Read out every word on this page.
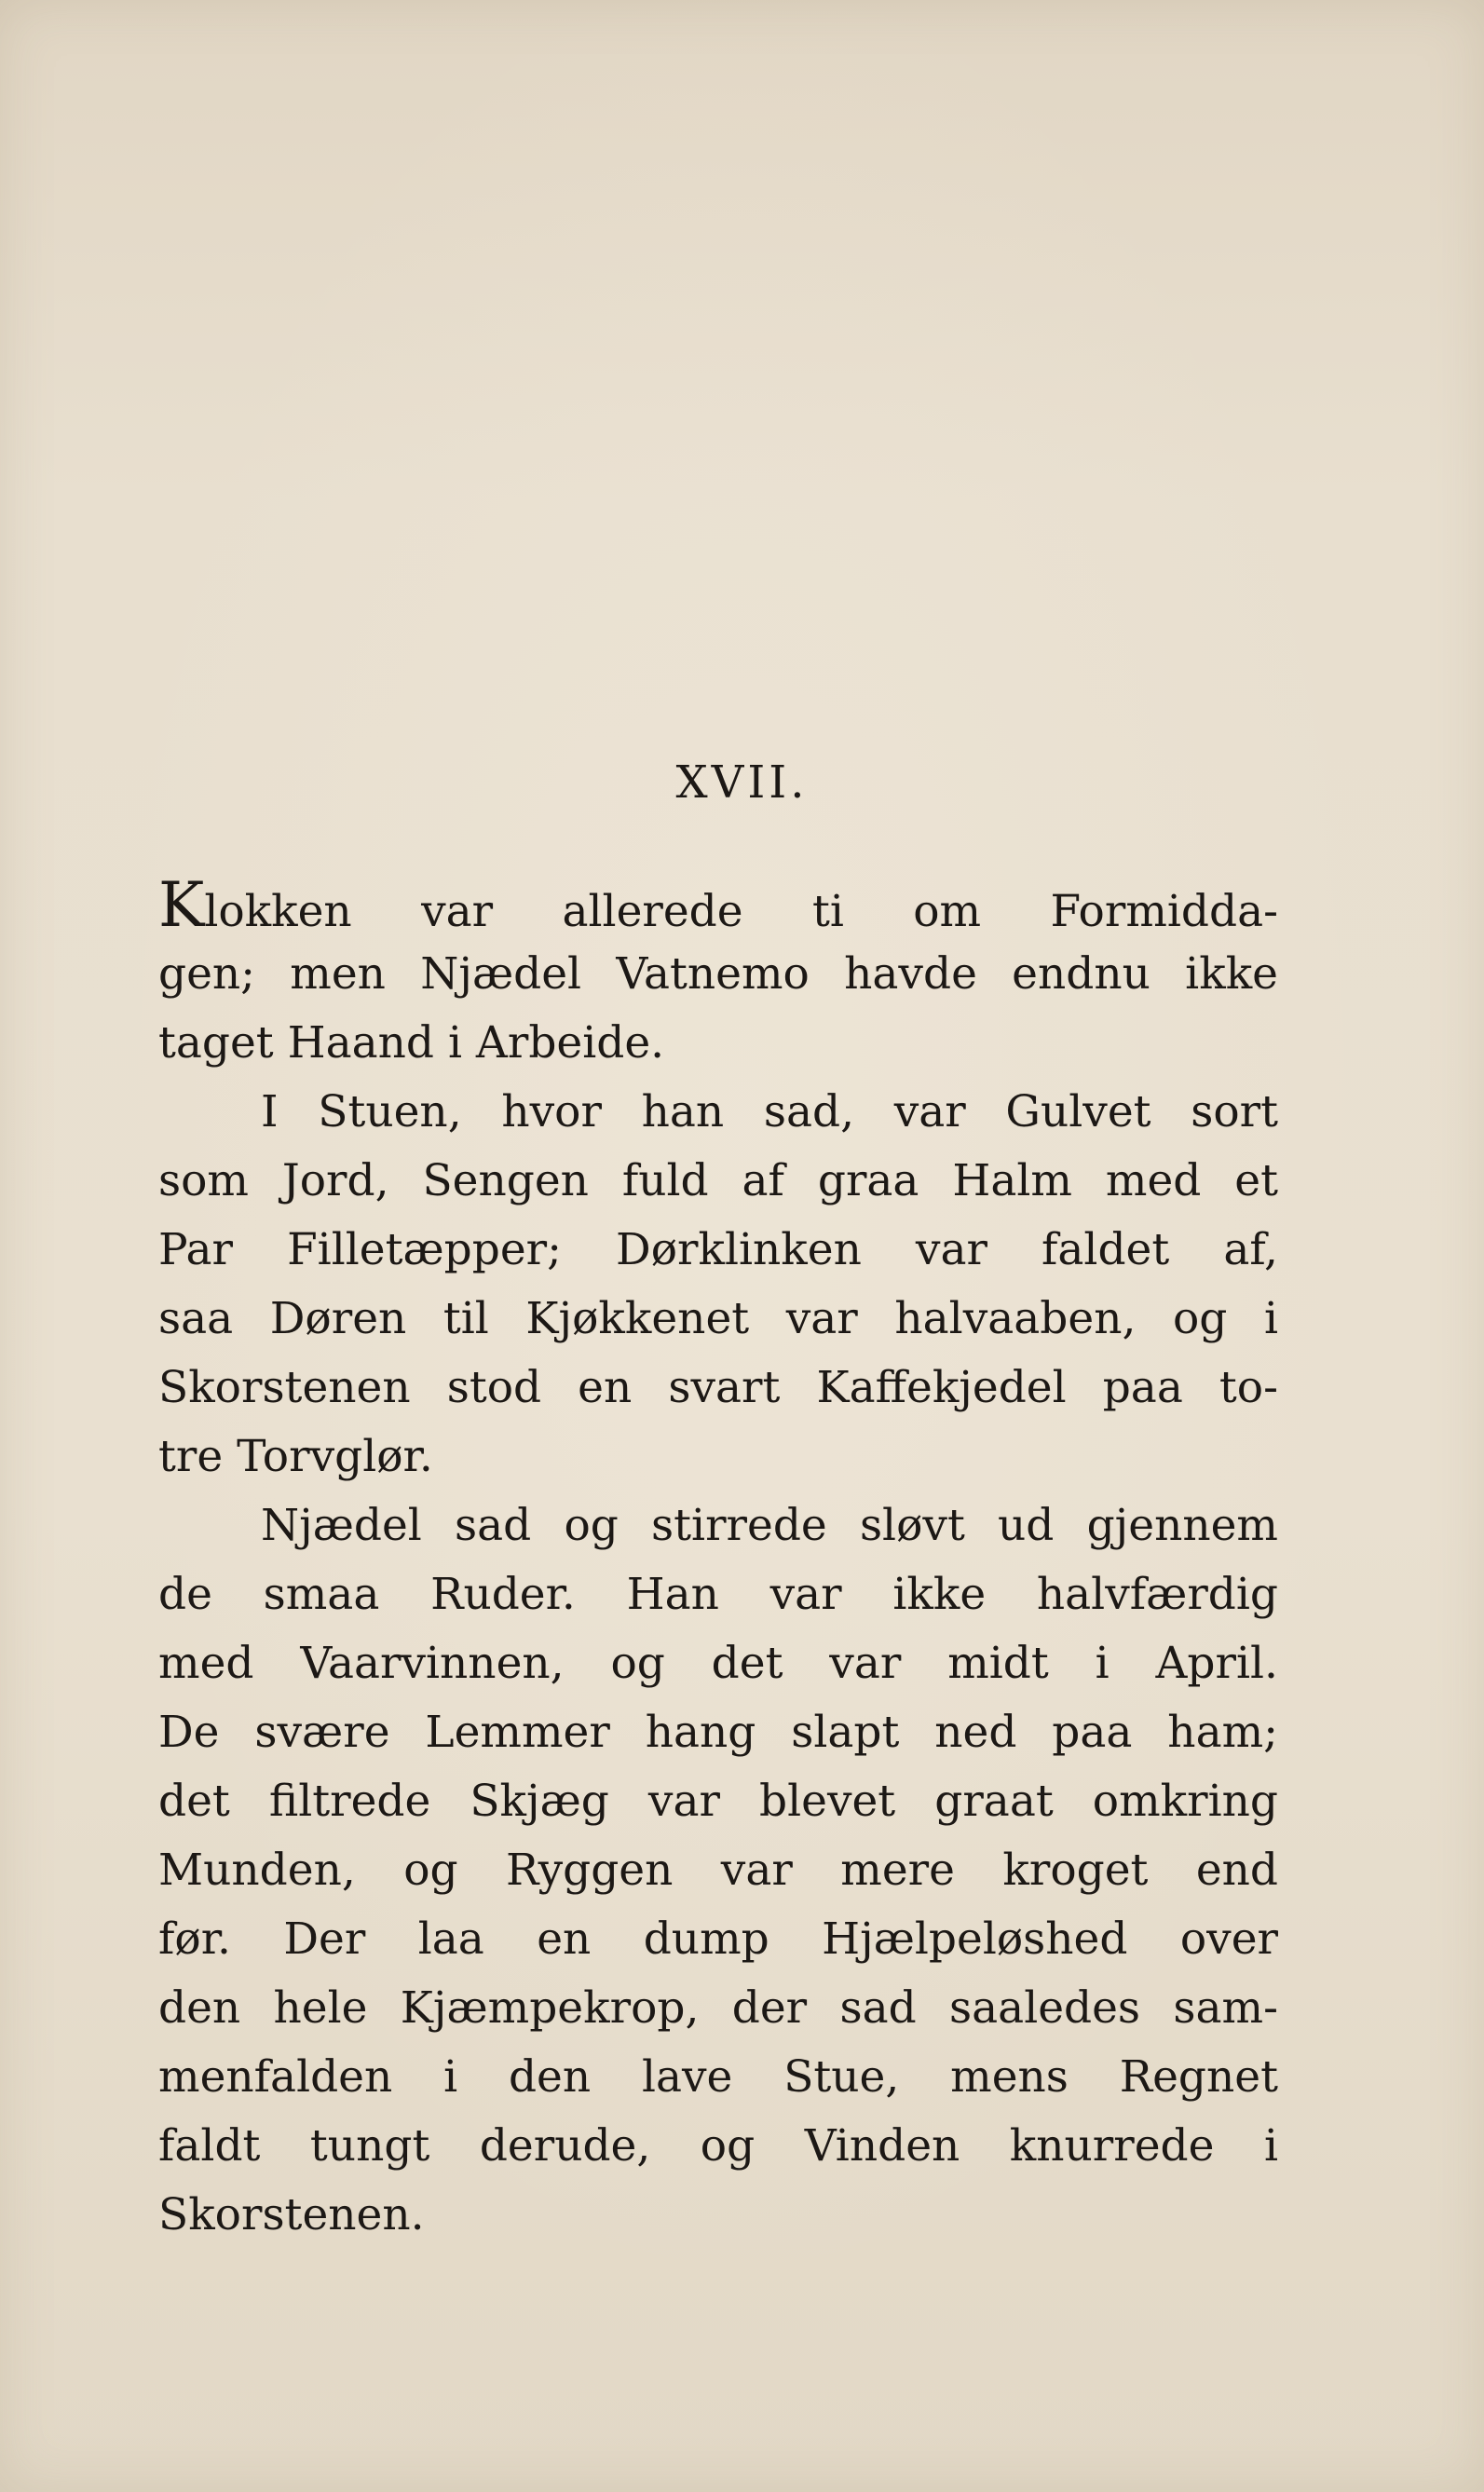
XVII.
Klokken var allerede ti om Formidda-
gen; men Njædel Vatnemo havde endnu ikke
taget Haand i Arbeide.
I Stuen, hvor han sad, var Gulvet sort
som Jord, Sengen fuld af graa Halm med et
Par Filletæpper; Dørklinken var faldet af,
saa Døren til Kjøkkenet var halvaaben, og i
Skorstenen stod en svart Kaffekjedel paa to-
tre Torvglør.
Njædel sad og stirrede sløvt ud gjennem
de smaa Ruder. Han var ikke halvfærdig
med Vaarvinnen, og det var midt i April.
De svære Lemmer hang slapt ned paa ham;
det filtrede Skjæg var blevet graat omkring
Munden, og Ryggen var mere kroget end
før. Der laa en dump Hjælpeløshed over
den hele Kjæmpekrop, der sad saaledes sam-
menfalden i den lave Stue, mens Regnet
faldt tungt derude, og Vinden knurrede i
Skorstenen.
